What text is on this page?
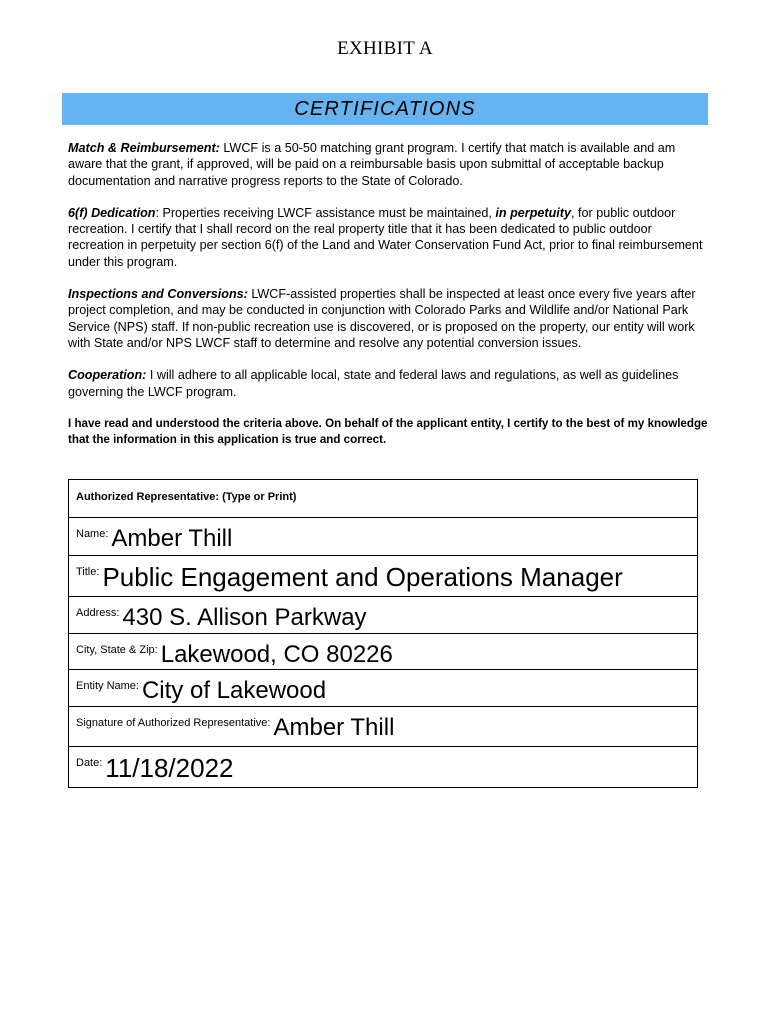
EXHIBIT A
CERTIFICATIONS

Match & Reimbursement: LWCF is a 50-50 matching grant program. I certify that match is available and am aware that the grant, if approved, will be paid on a reimbursable basis upon submittal of acceptable backup documentation and narrative progress reports to the State of Colorado.

6(f) Dedication: Properties receiving LWCF assistance must be maintained, in perpetuity, for public outdoor recreation. I certify that I shall record on the real property title that it has been dedicated to public outdoor recreation in perpetuity per section 6(f) of the Land and Water Conservation Fund Act, prior to final reimbursement under this program.

Inspections and Conversions: LWCF-assisted properties shall be inspected at least once every five years after project completion, and may be conducted in conjunction with Colorado Parks and Wildlife and/or National Park Service (NPS) staff. If non-public recreation use is discovered, or is proposed on the property, our entity will work with State and/or NPS LWCF staff to determine and resolve any potential conversion issues.

Cooperation: I will adhere to all applicable local, state and federal laws and regulations, as well as guidelines governing the LWCF program.

I have read and understood the criteria above. On behalf of the applicant entity, I certify to the best of my knowledge that the information in this application is true and correct.

Authorized Representative: (Type or Print)
Name: Amber Thill
Title: Public Engagement and Operations Manager
Address: 430 S. Allison Parkway
City, State & Zip: Lakewood, CO 80226
Entity Name: City of Lakewood
Signature of Authorized Representative: Amber Thill
Date: 11/18/2022
